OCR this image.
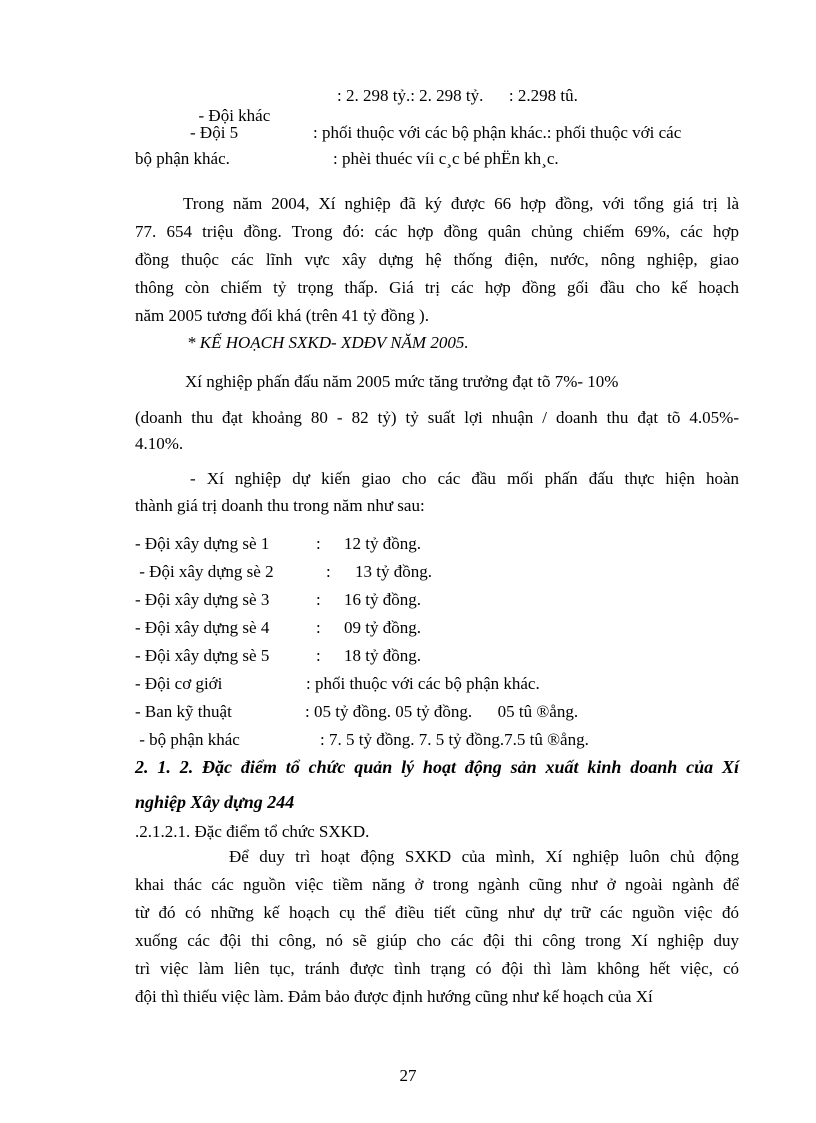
- Đội khác

: 2. 298 tỷ.: 2. 298 tỷ.      : 2.298 tû.
- Đội 5	: phối thuộc với các bộ phận khác.: phối thuộc với các
bộ phận khác.	: phèi thuéc víi c¸c bé phËn kh¸c.
Trong năm 2004, Xí nghiệp đã ký được 66 hợp đồng, với tổng giá trị là
77. 654 triệu đồng. Trong đó: các hợp đồng quân chủng chiếm 69%, các hợp
đồng thuộc các lĩnh vực xây dựng hệ thống điện, nước, nông nghiệp, giao
thông còn chiếm tỷ trọng thấp. Giá trị các hợp đồng gối đầu cho kế hoạch
năm 2005 tương đối khá (trên 41 tỷ đồng ).
* KẾ HOẠCH SXKD- XDĐV NĂM 2005.
Xí nghiệp phấn đấu năm 2005 mức tăng trưởng đạt tõ 7%- 10%
(doanh thu đạt khoảng 80 - 82 tỷ) tỷ suất lợi nhuận / doanh thu đạt tõ 4.05%-
4.10%.
- Xí nghiệp dự kiến giao cho các đầu mối phấn đấu thực hiện hoàn
thành giá trị doanh thu trong năm như sau:
- Đội xây dựng sè 1	: 12 tỷ đồng.
- Đội xây dựng sè 2	: 13 tỷ đồng.
- Đội xây dựng sè 3	: 16 tỷ đồng.
- Đội xây dựng sè 4	: 09 tỷ đồng.
- Đội xây dựng sè 5	: 18 tỷ đồng.
- Đội cơ giới	: phối thuộc với các bộ phận khác.
- Ban kỹ thuật	: 05 tỷ đồng. 05 tỷ đồng.      05 tû ®ång.
- bộ phận khác	: 7. 5 tỷ đồng. 7. 5 tỷ đồng.7.5 tû ®ång.
2. 1. 2. Đặc điểm tổ chức quản lý hoạt động sản xuất kinh doanh của Xí
nghiệp Xây dựng 244
.2.1.2.1. Đặc điểm tổ chức SXKD.
Để duy trì hoạt động SXKD của mình, Xí nghiệp luôn chủ động
khai thác các nguồn việc tiềm năng ở trong ngành cũng như ở ngoài ngành để
từ đó có những kế hoạch cụ thể điều tiết cũng như dự trữ các nguồn việc đó
xuống các đội thi công, nó sẽ giúp cho các đội thi công trong Xí nghiệp duy
trì việc làm liên tục, tránh được tình trạng có đội thì làm không hết việc, có
đội thì thiếu việc làm. Đảm bảo được định hướng cũng như kế hoạch của Xí
27
